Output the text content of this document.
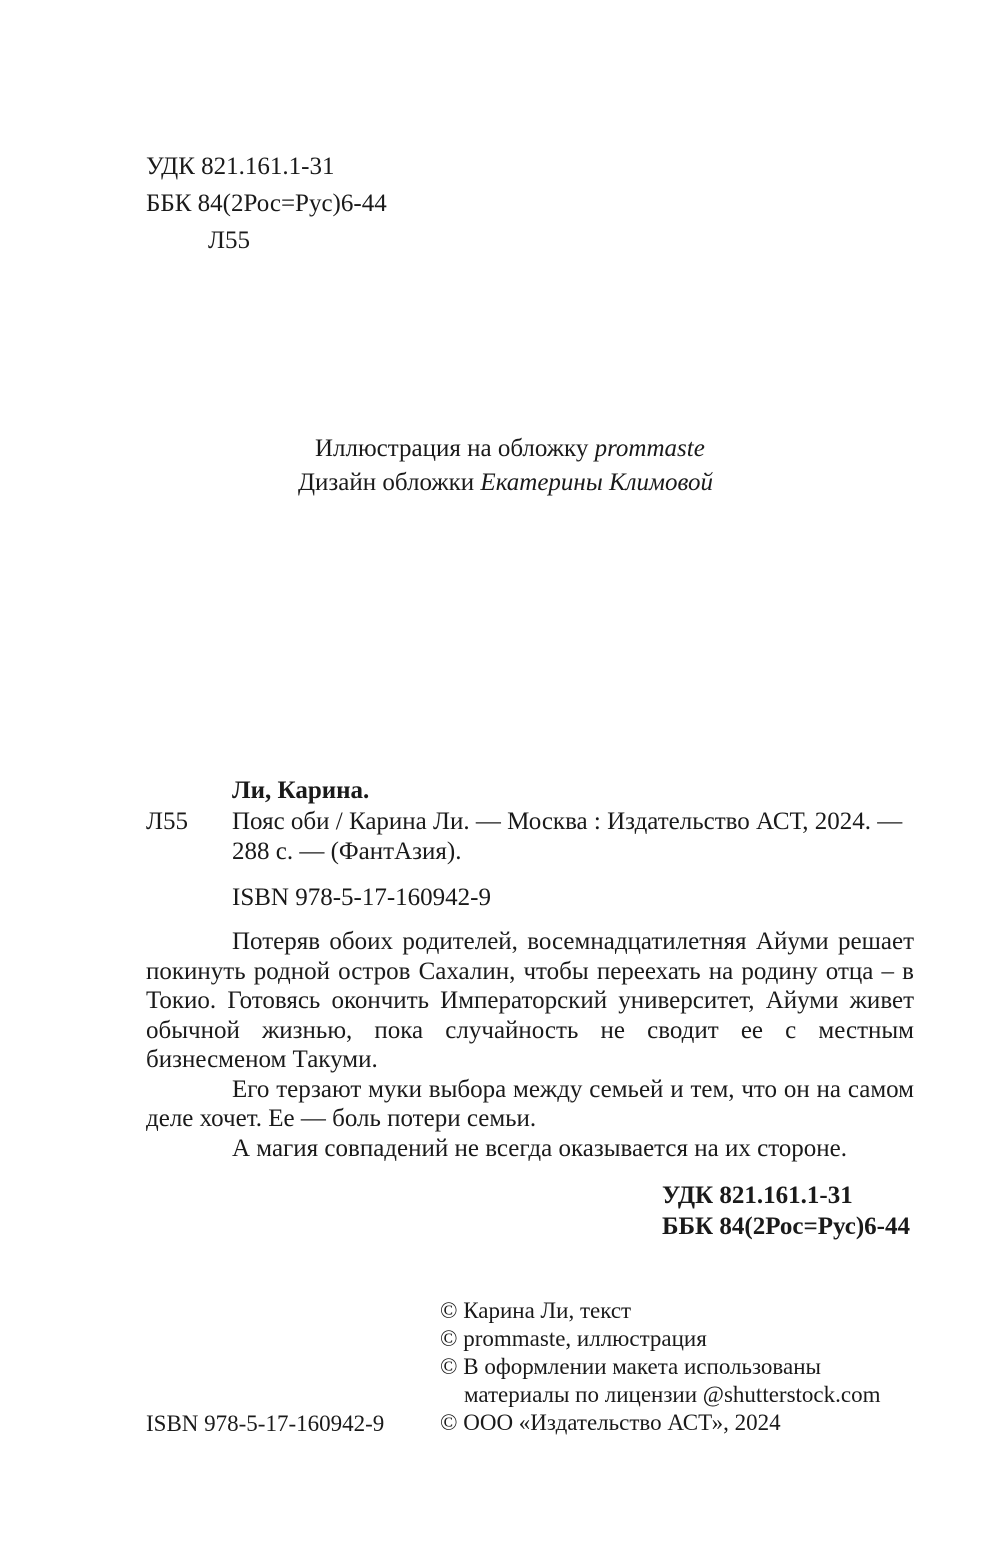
УДК 821.161.1-31
ББК 84(2Рос=Рус)6-44
Л55
Иллюстрация на обложку prommaste
Дизайн обложки Екатерины Климовой
Ли, Карина.
Л55 Пояс оби / Карина Ли. — Москва : Издательство АСТ, 2024. —
288 с. — (ФантАзия).
ISBN 978-5-17-160942-9

Потеряв обоих родителей, восемнадцатилетняя Айуми решает покинуть родной остров Сахалин, чтобы переехать на родину отца – в Токио. Готовясь окончить Императорский университет, Айуми живет обычной жизнью, пока случайность не сводит ее с местным бизнесменом Такуми.

Его терзают муки выбора между семьей и тем, что он на самом деле хочет. Ее — боль потери семьи.

А магия совпадений не всегда оказывается на их стороне.

УДК 821.161.1-31
ББК 84(2Рос=Рус)6-44
ISBN 978-5-17-160942-9
© Карина Ли, текст
© prommaste, иллюстрация
© В оформлении макета использованы
материалы по лицензии @shutterstock.com
© ООО «Издательство АСТ», 2024
